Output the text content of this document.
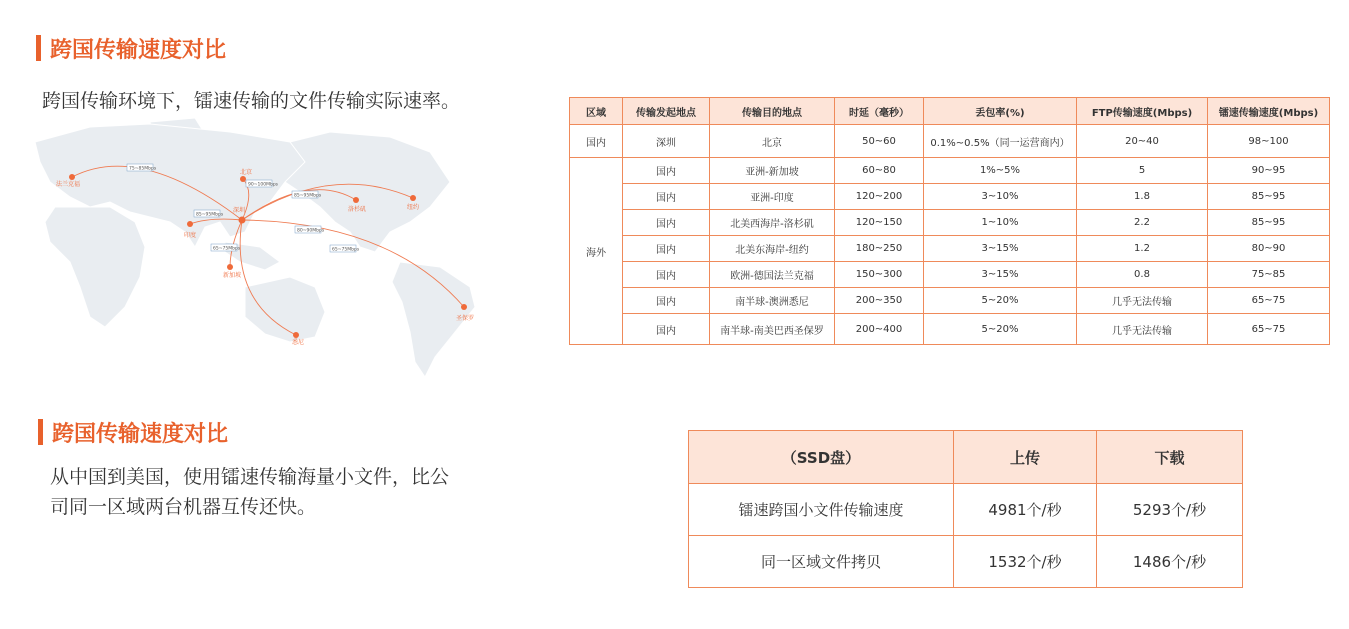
跨国传输速度对比
跨国传输环境下，镭速传输的文件传输实际速率。
法兰克福
北京
深圳
印度
新加坡
洛杉矶	纽约
悉尼
圣保罗
75~85Mbps
90~100Mbps
85~95Mbps
85~95Mbps
80~90Mbps
65~75Mbps	65~75Mbps
区域	传输发起地点	传输目的地点	时延（毫秒）	丢包率(%)	FTP传输速度(Mbps)	镭速传输速度(Mbps)
国内	深圳	北京	50~60	0.1%~0.5%（同一运营商内）	20~40	98~100
海外	国内	亚洲-新加坡	60~80	1%~5%	5	90~95
	国内	亚洲-印度	120~200	3~10%	1.8	85~95
	国内	北美西海岸-洛杉矶	120~150	1~10%	2.2	85~95
	国内	北美东海岸-纽约	180~250	3~15%	1.2	80~90
	国内	欧洲-德国法兰克福	150~300	3~15%	0.8	75~85
	国内	南半球-澳洲悉尼	200~350	5~20%	几乎无法传输	65~75
	国内	南半球-南美巴西圣保罗	200~400	5~20%	几乎无法传输	65~75
跨国传输速度对比
从中国到美国，使用镭速传输海量小文件，比公
司同一区域两台机器互传还快。
（SSD盘）	上传	下载
镭速跨国小文件传输速度	4981个/秒	5293个/秒
同一区域文件拷贝	1532个/秒	1486个/秒
